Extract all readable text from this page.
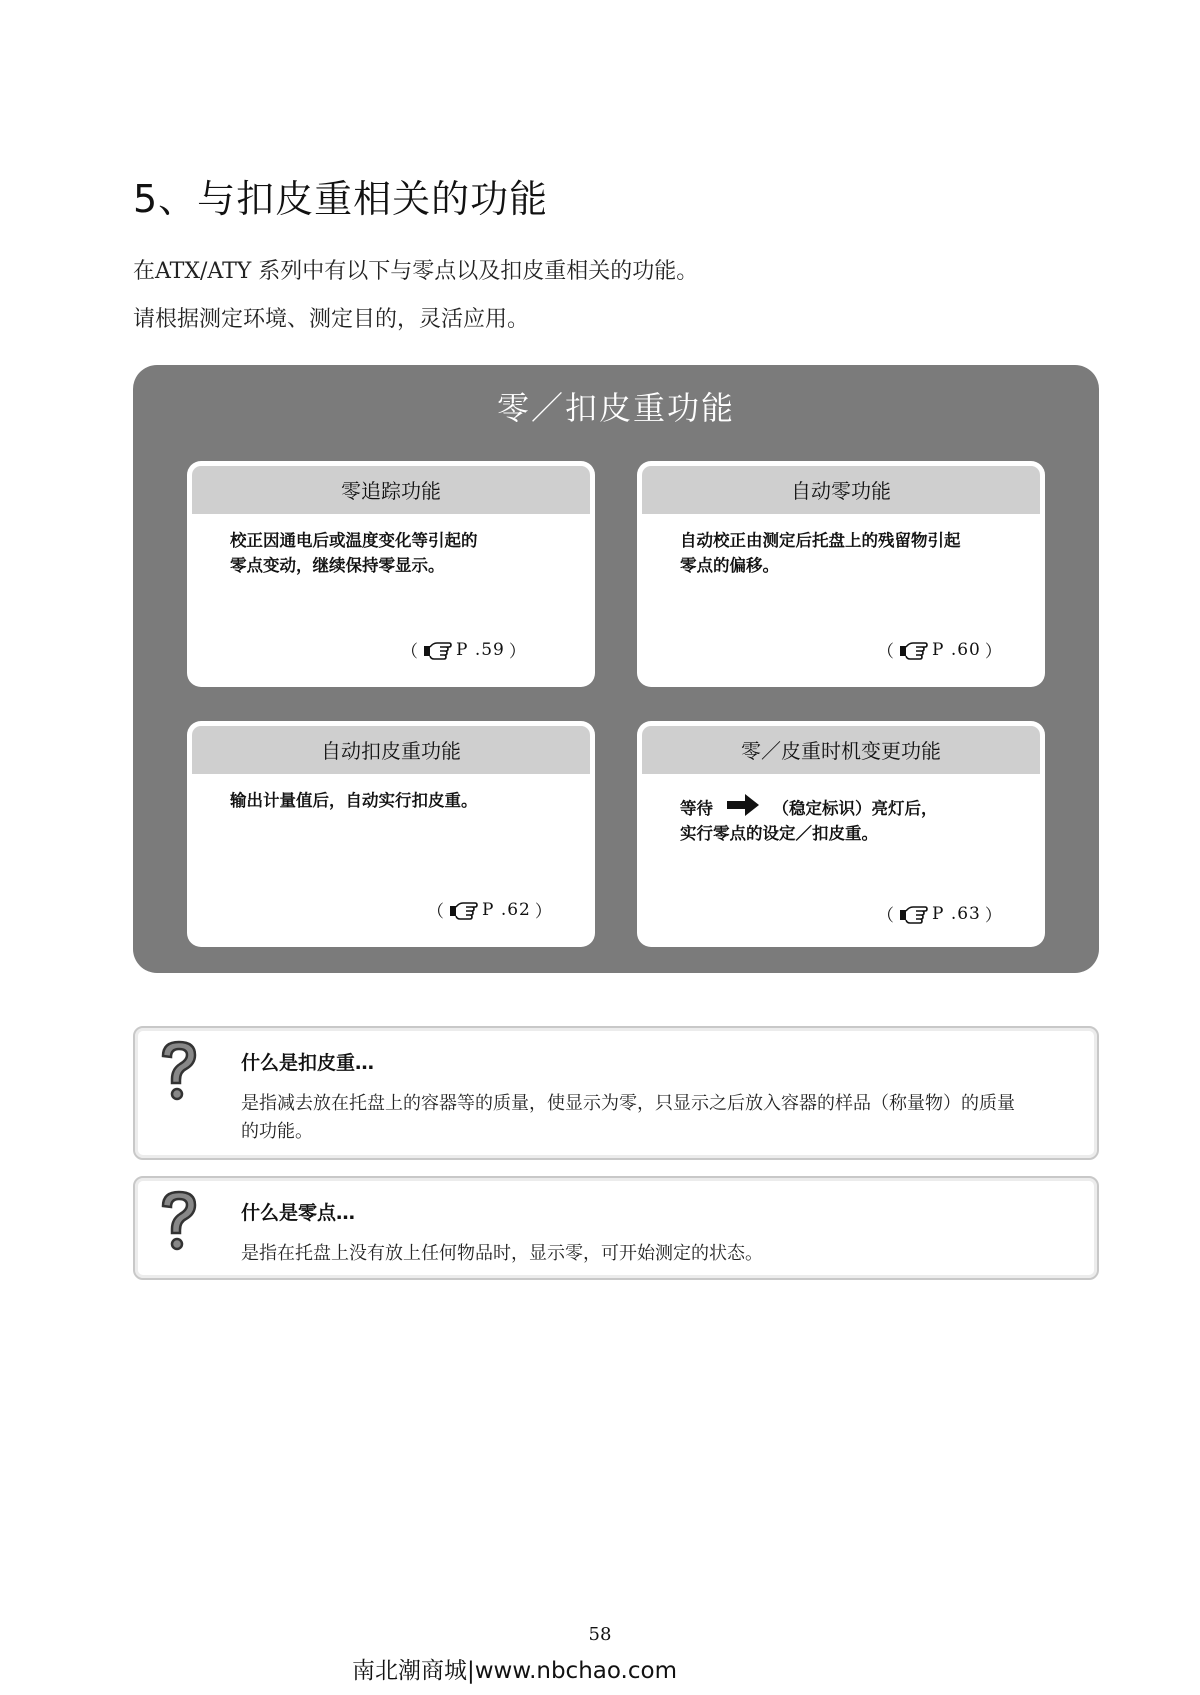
5、与扣皮重相关的功能

在ATX/ATY 系列中有以下与零点以及扣皮重相关的功能。

请根据测定环境、测定目的，灵活应用。

零／扣皮重功能
零追踪功能

校正因通电后或温度变化等引起的

零点变动，继续保持零显示。

（ P .59 ）
自动零功能

自动校正由测定后托盘上的残留物引起

零点的偏移。

（ P .60 ）
自动扣皮重功能

输出计量值后，自动实行扣皮重。

（ P .62 ）
零／皮重时机变更功能

等待	（稳定标识）亮灯后，

实行零点的设定／扣皮重。

（ P .63 ）
什么是扣皮重…

是指减去放在托盘上的容器等的质量，使显示为零，只显示之后放入容器的样品（称量物）的质量的功能。

什么是零点…

是指在托盘上没有放上任何物品时，显示零，可开始测定的状态。

58
南北潮商城|www.nbchao.com
